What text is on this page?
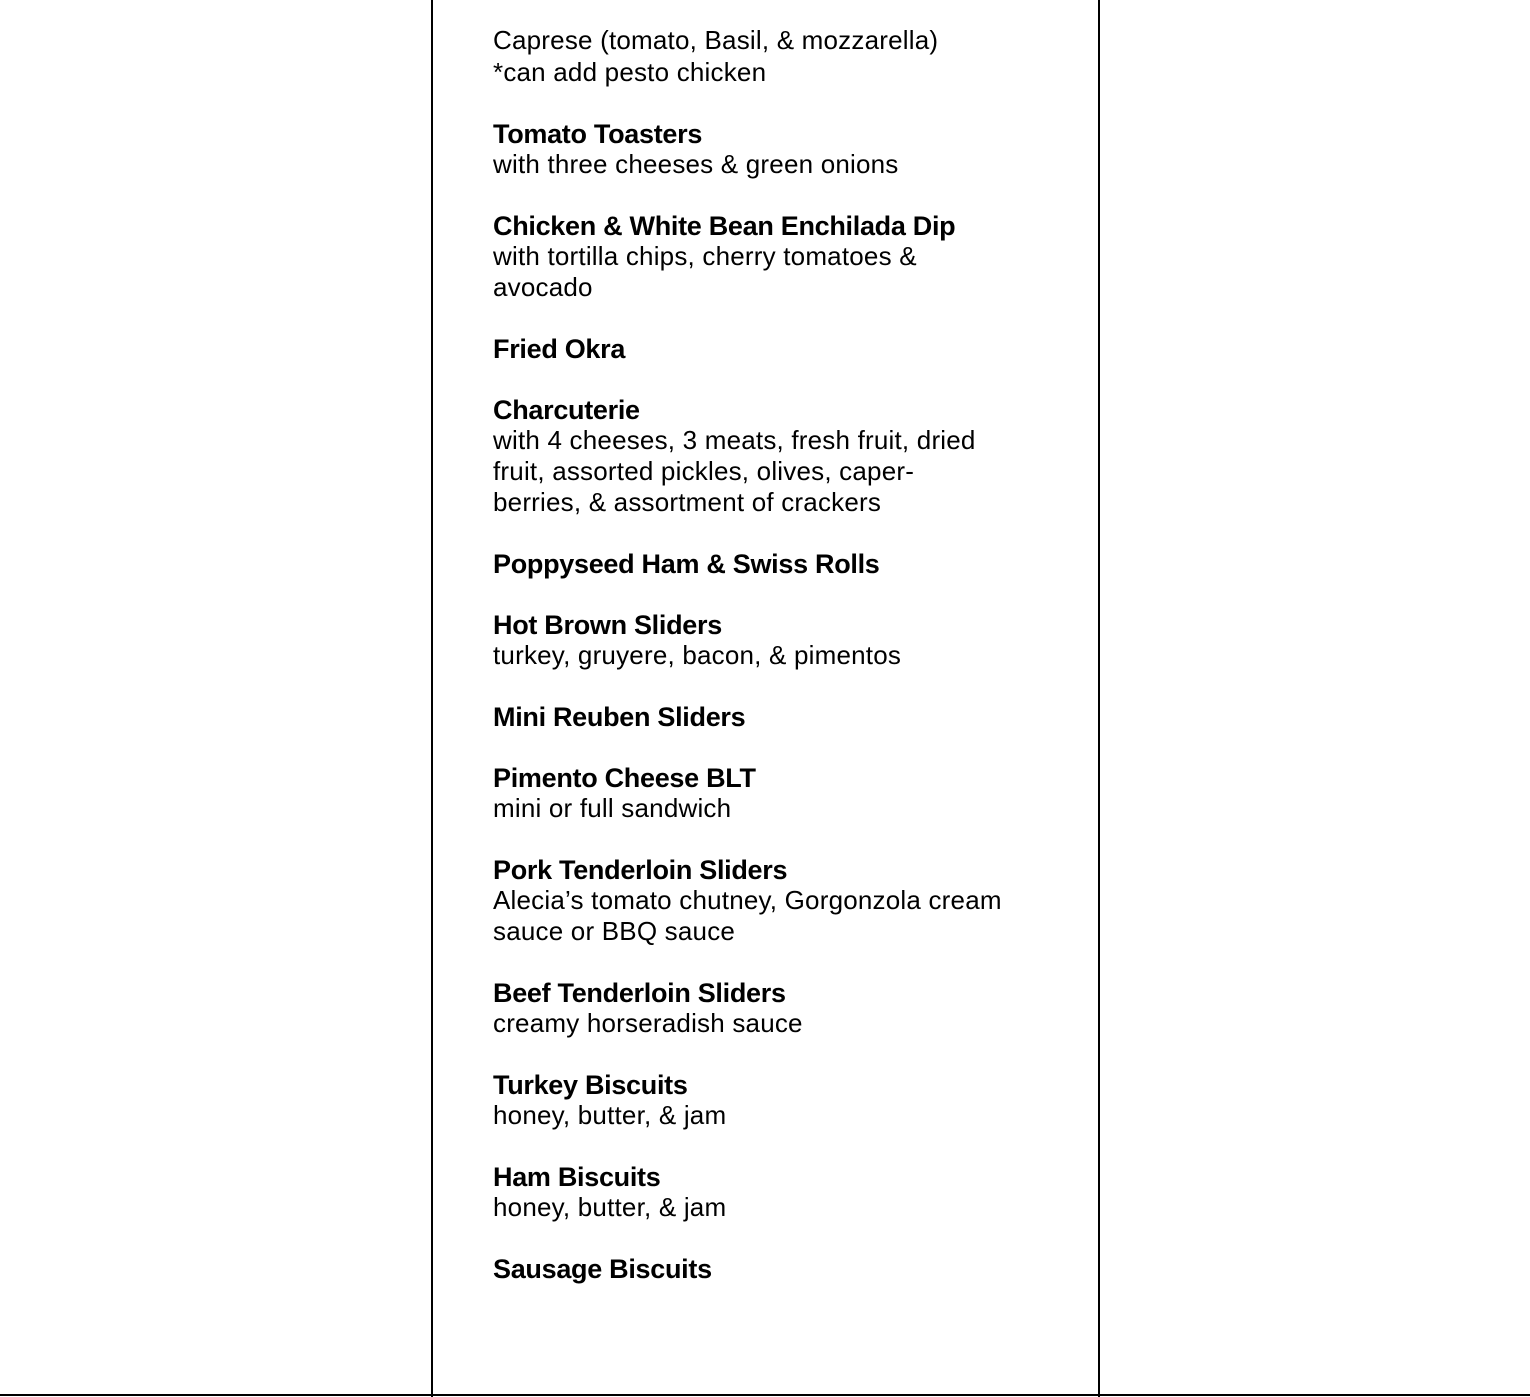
Caprese (tomato, Basil, & mozzarella)
*can add pesto chicken
Tomato Toasters
with three cheeses & green onions
Chicken & White Bean Enchilada Dip
with tortilla chips, cherry tomatoes &
avocado
Fried Okra
Charcuterie
with 4 cheeses, 3 meats, fresh fruit, dried
fruit, assorted pickles, olives, caper-
berries, & assortment of crackers
Poppyseed Ham & Swiss Rolls
Hot Brown Sliders
turkey, gruyere, bacon, & pimentos
Mini Reuben Sliders
Pimento Cheese BLT
mini or full sandwich
Pork Tenderloin Sliders
Alecia’s tomato chutney, Gorgonzola cream
sauce or BBQ sauce
Beef Tenderloin Sliders
creamy horseradish sauce
Turkey Biscuits
honey, butter, & jam
Ham Biscuits
honey, butter, & jam
Sausage Biscuits
